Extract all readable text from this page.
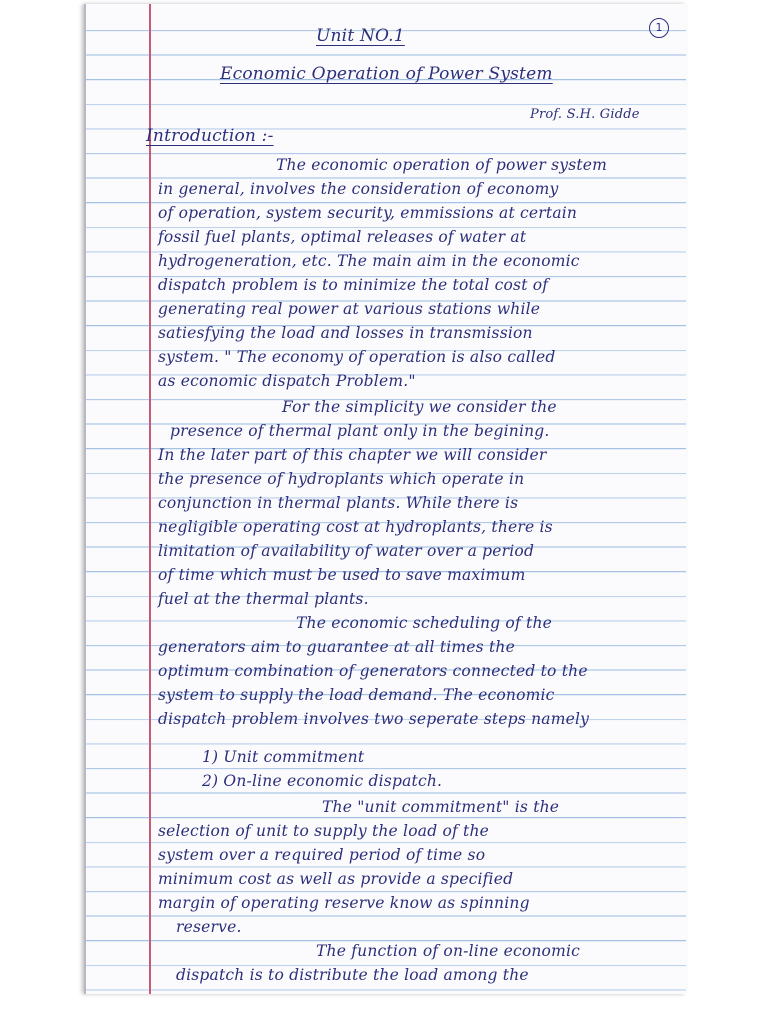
1
Unit NO.1
Economic Operation of Power System
Prof. S.H. Gidde
Introduction :-
The economic operation of power system
in general, involves the consideration of economy
of operation, system security, emmissions at certain
fossil fuel plants, optimal releases of water at
hydrogeneration, etc. The main aim in the economic
dispatch problem is to minimize the total cost of
generating real power at various stations while
satiesfying the load and losses in transmission
system. " The economy of operation is also called
as economic dispatch Problem."
For the simplicity we consider the
presence of thermal plant only in the begining.
In the later part of this chapter we will consider
the presence of hydroplants which operate in
conjunction in thermal plants. While there is
negligible operating cost at hydroplants, there is
limitation of availability of water over a period
of time which must be used to save maximum
fuel at the thermal plants.
The economic scheduling of the
generators aim to guarantee at all times the
optimum combination of generators connected to the
system to supply the load demand. The economic
dispatch problem involves two seperate steps namely
1) Unit commitment
2) On-line economic dispatch.
The "unit commitment" is the
selection of unit to supply the load of the
system over a required period of time so
minimum cost as well as provide a specified
margin of operating reserve know as spinning
reserve.
The function of on-line economic
dispatch is to distribute the load among the
